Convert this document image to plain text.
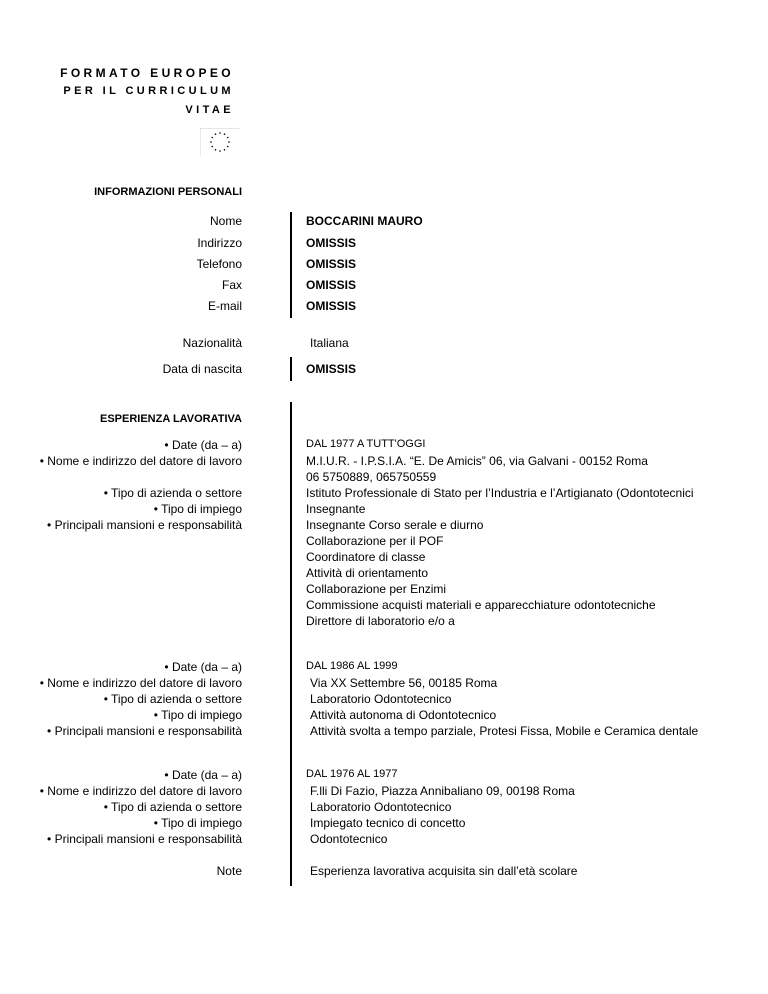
FORMATO EUROPEO
PER IL CURRICULUM
VITAE
INFORMAZIONI PERSONALI
Nome	BOCCARINI MAURO
Indirizzo	OMISSIS
Telefono	OMISSIS
Fax	OMISSIS
E-mail	OMISSIS
Nazionalità	Italiana
Data di nascita	OMISSIS
ESPERIENZA LAVORATIVA
• Date (da – a)	DAL 1977 A TUTT'OGGI
• Nome e indirizzo del datore di lavoro	M.I.U.R. - I.P.S.I.A. “E. De Amicis” 06, via Galvani - 00152 Roma
06 5750889, 065750559
• Tipo di azienda o settore	Istituto Professionale di Stato per l’Industria e l’Artigianato (Odontotecnici
• Tipo di impiego	Insegnante
• Principali mansioni e responsabilità	Insegnante Corso serale e diurno
Collaborazione per il POF
Coordinatore di classe
Attività di orientamento
Collaborazione per Enzimi
Commissione acquisti materiali e apparecchiature odontotecniche
Direttore di laboratorio e/o a
• Date (da – a)	DAL 1986 AL 1999
• Nome e indirizzo del datore di lavoro	Via XX Settembre 56, 00185 Roma
• Tipo di azienda o settore	Laboratorio Odontotecnico
• Tipo di impiego	Attività autonoma di Odontotecnico
• Principali mansioni e responsabilità	Attività svolta a tempo parziale, Protesi Fissa, Mobile e Ceramica dentale
• Date (da – a)	DAL 1976 AL 1977
• Nome e indirizzo del datore di lavoro	F.lli Di Fazio, Piazza Annibaliano 09, 00198 Roma
• Tipo di azienda o settore	Laboratorio Odontotecnico
• Tipo di impiego	Impiegato tecnico di concetto
• Principali mansioni e responsabilità	Odontotecnico
Note	Esperienza lavorativa acquisita sin dall’età scolare
